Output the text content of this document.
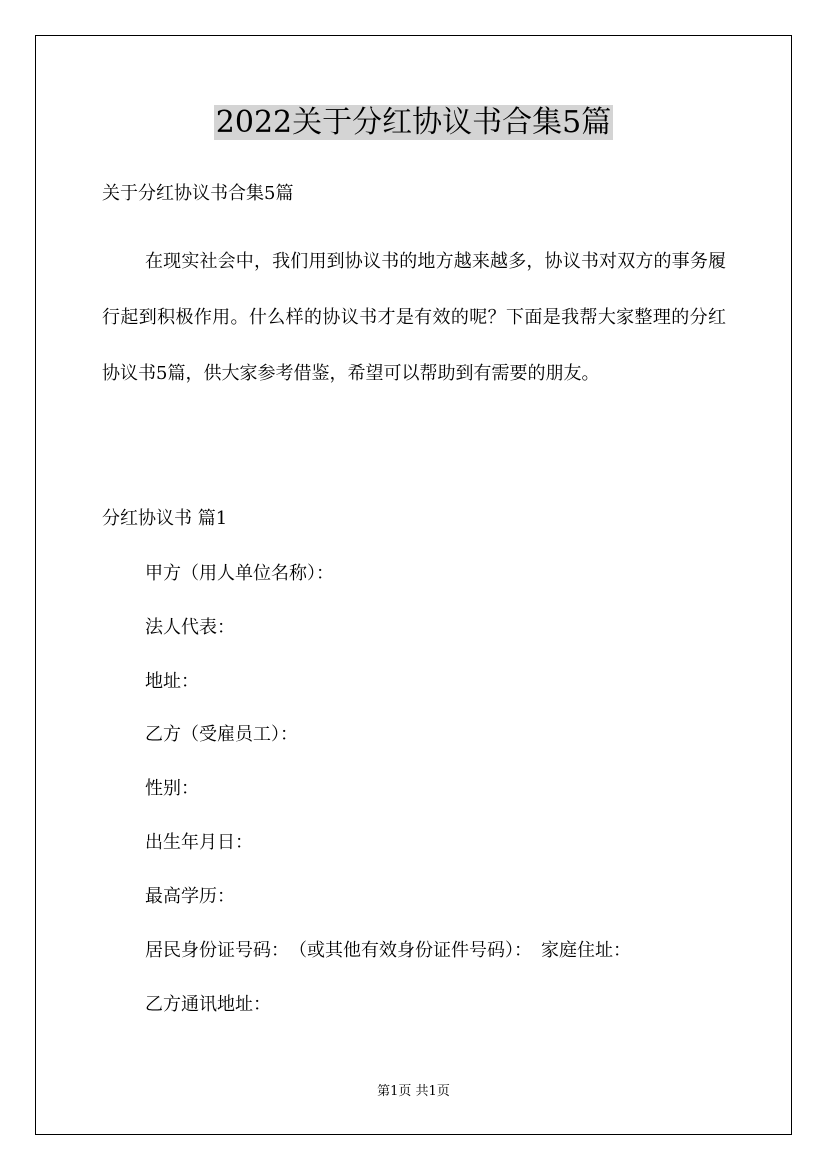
2022关于分红协议书合集5篇
关于分红协议书合集5篇
在现实社会中，我们用到协议书的地方越来越多，协议书对双方的事务履行起到积极作用。什么样的协议书才是有效的呢？下面是我帮大家整理的分红协议书5篇，供大家参考借鉴，希望可以帮助到有需要的朋友。
分红协议书 篇1
甲方（用人单位名称）：
法人代表：
地址：
乙方（受雇员工）：
性别：
出生年月日：
最高学历：
居民身份证号码：　（或其他有效身份证件号码）：　家庭住址：
乙方通讯地址：
第1页 共1页
